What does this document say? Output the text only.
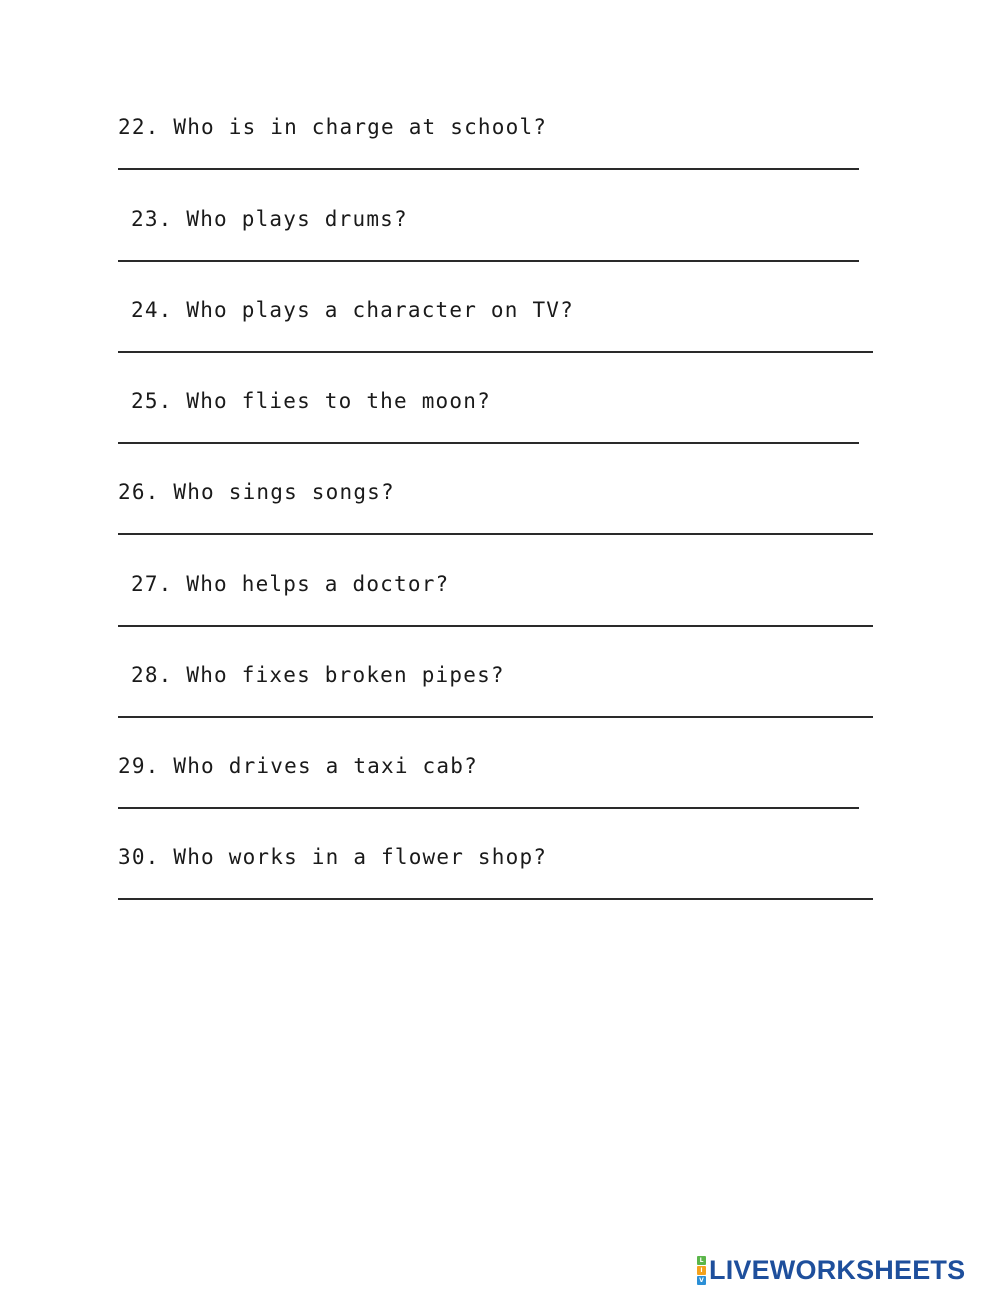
22. Who is in charge at school?
23. Who plays drums?
24. Who plays a character on TV?
25. Who flies to the moon?
26. Who sings songs?
27. Who helps a doctor?
28. Who fixes broken pipes?
29. Who drives a taxi cab?
30. Who works in a flower shop?
L
I
V LIVEWORKSHEETS
